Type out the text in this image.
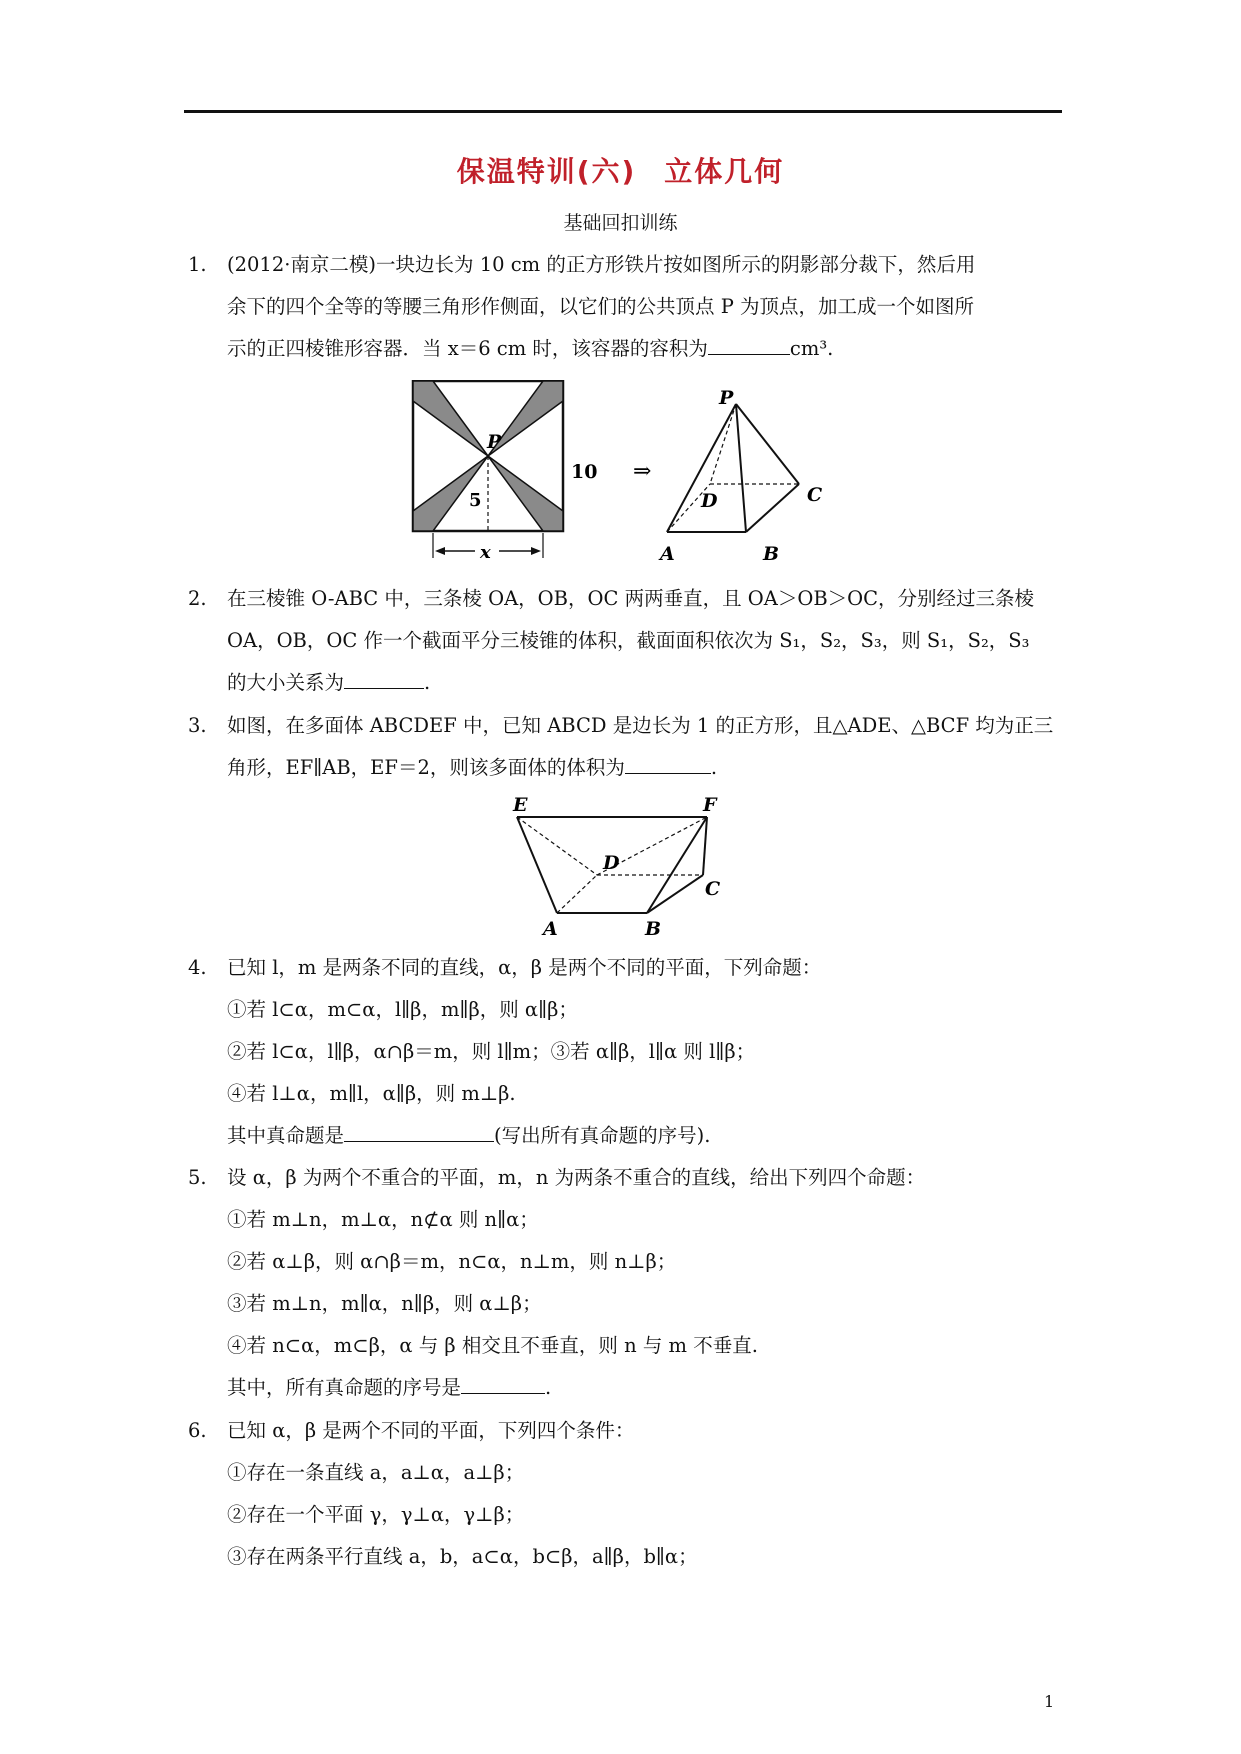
保温特训(六) 立体几何
基础回扣训练
1. (2012·南京二模)一块边长为 10 cm 的正方形铁片按如图所示的阴影部分裁下，然后用
余下的四个全等的等腰三角形作侧面，以它们的公共顶点 P 为顶点，加工成一个如图所
示的正四棱锥形容器．当 x＝6 cm 时，该容器的容积为	cm³.
x
P
5
10 ⇒
P
D	C
A	B
2. 在三棱锥 O-ABC 中，三条棱 OA，OB，OC 两两垂直，且 OA＞OB＞OC，分别经过三条棱
OA，OB，OC 作一个截面平分三棱锥的体积，截面面积依次为 S₁，S₂，S₃，则 S₁，S₂，S₃
的大小关系为	.
3. 如图，在多面体 ABCDEF 中，已知 ABCD 是边长为 1 的正方形，且△ADE、△BCF 均为正三
角形，EF∥AB，EF＝2，则该多面体的体积为	.
E	F
D
C
A	B
4. 已知 l，m 是两条不同的直线，α，β 是两个不同的平面，下列命题：
①若 l⊂α，m⊂α，l∥β，m∥β，则 α∥β；
②若 l⊂α，l∥β，α∩β＝m，则 l∥m；③若 α∥β，l∥α 则 l∥β；
④若 l⊥α，m∥l，α∥β，则 m⊥β.
其中真命题是	(写出所有真命题的序号).
5. 设 α，β 为两个不重合的平面，m，n 为两条不重合的直线，给出下列四个命题：
①若 m⊥n，m⊥α，n⊄α 则 n∥α；
②若 α⊥β，则 α∩β＝m，n⊂α，n⊥m，则 n⊥β；
③若 m⊥n，m∥α，n∥β，则 α⊥β；
④若 n⊂α，m⊂β，α 与 β 相交且不垂直，则 n 与 m 不垂直.
其中，所有真命题的序号是	.
6. 已知 α，β 是两个不同的平面，下列四个条件：
①存在一条直线 a，a⊥α，a⊥β；
②存在一个平面 γ，γ⊥α，γ⊥β；
③存在两条平行直线 a，b，a⊂α，b⊂β，a∥β，b∥α；
1
